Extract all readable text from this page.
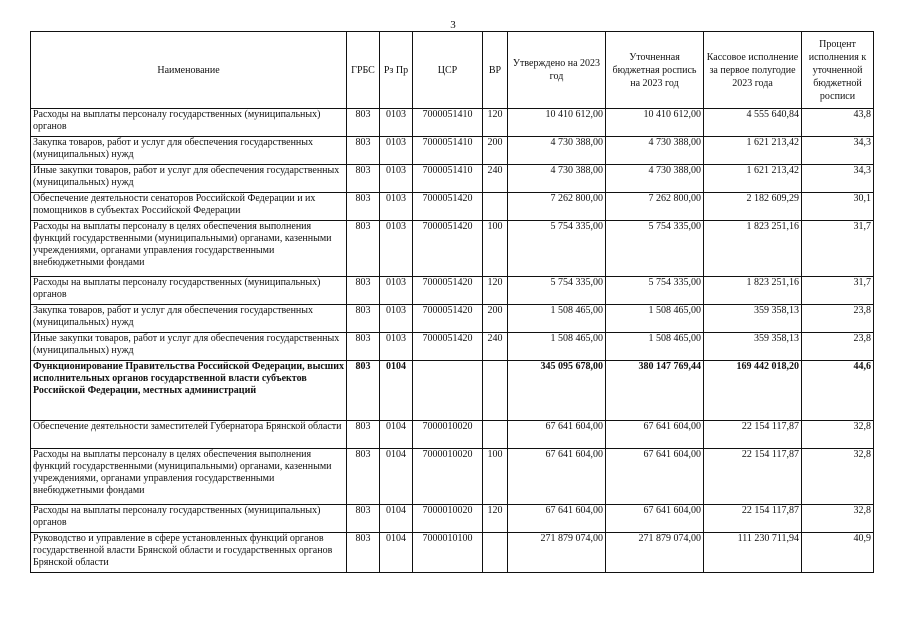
3
Наименование	ГРБС	Рз Пр	ЦСР	ВР	Утверждено на 2023 год	Уточненная бюджетная роспись на 2023 год	Кассовое исполнение за первое полугодие 2023 года	Процент исполнения к уточненной бюджетной росписи
Расходы на выплаты персоналу государственных (муниципальных) органов	803	0103	7000051410	120	10 410 612,00	10 410 612,00	4 555 640,84	43,8
Закупка товаров, работ и услуг для обеспечения государственных (муниципальных) нужд	803	0103	7000051410	200	4 730 388,00	4 730 388,00	1 621 213,42	34,3
Иные закупки товаров, работ и услуг для обеспечения государственных (муниципальных) нужд	803	0103	7000051410	240	4 730 388,00	4 730 388,00	1 621 213,42	34,3
Обеспечение деятельности сенаторов Российской Федерации и их помощников в субъектах Российской Федерации	803	0103	7000051420		7 262 800,00	7 262 800,00	2 182 609,29	30,1
Расходы на выплаты персоналу в целях обеспечения выполнения функций государственными (муниципальными) органами, казенными учреждениями, органами управления государственными внебюджетными фондами	803	0103	7000051420	100	5 754 335,00	5 754 335,00	1 823 251,16	31,7
Расходы на выплаты персоналу государственных (муниципальных) органов	803	0103	7000051420	120	5 754 335,00	5 754 335,00	1 823 251,16	31,7
Закупка товаров, работ и услуг для обеспечения государственных (муниципальных) нужд	803	0103	7000051420	200	1 508 465,00	1 508 465,00	359 358,13	23,8
Иные закупки товаров, работ и услуг для обеспечения государственных (муниципальных) нужд	803	0103	7000051420	240	1 508 465,00	1 508 465,00	359 358,13	23,8
Функционирование Правительства Российской Федерации, высших исполнительных органов государственной власти субъектов Российской Федерации, местных администраций	803	0104			345 095 678,00	380 147 769,44	169 442 018,20	44,6
Обеспечение деятельности заместителей Губернатора Брянской области	803	0104	7000010020		67 641 604,00	67 641 604,00	22 154 117,87	32,8
Расходы на выплаты персоналу в целях обеспечения выполнения функций государственными (муниципальными) органами, казенными учреждениями, органами управления государственными внебюджетными фондами	803	0104	7000010020	100	67 641 604,00	67 641 604,00	22 154 117,87	32,8
Расходы на выплаты персоналу государственных (муниципальных) органов	803	0104	7000010020	120	67 641 604,00	67 641 604,00	22 154 117,87	32,8
Руководство и управление в сфере установленных функций органов государственной власти Брянской области и государственных органов Брянской области	803	0104	7000010100		271 879 074,00	271 879 074,00	111 230 711,94	40,9
